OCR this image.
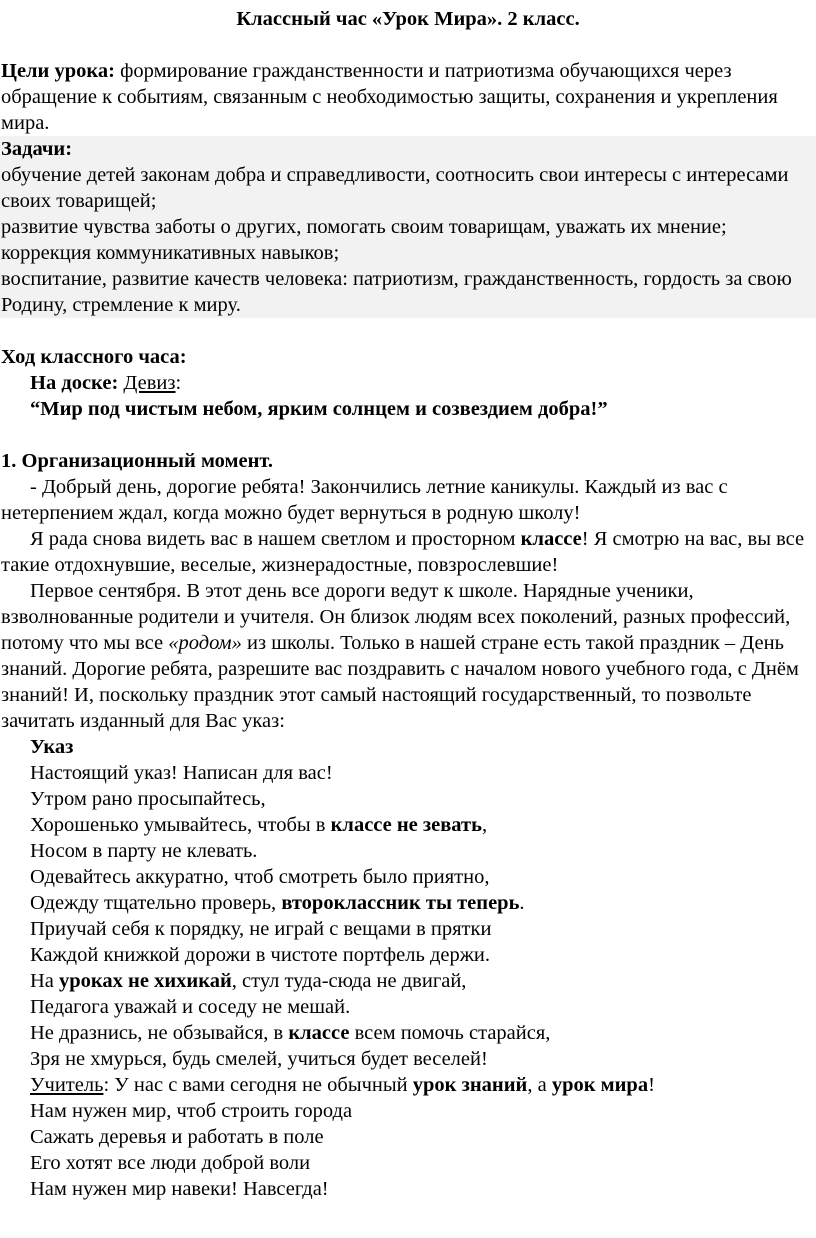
Классный час «Урок Мира». 2 класс.
Цели урока: формирование гражданственности и патриотизма обучающихся через обращение к событиям, связанным с необходимостью защиты, сохранения и укрепления мира.
Задачи:
обучение детей законам добра и справедливости, соотносить свои интересы с интересами своих товарищей;
развитие чувства заботы о других, помогать своим товарищам, уважать их мнение;
коррекция коммуникативных навыков;
воспитание, развитие качеств человека: патриотизм, гражданственность, гордость за свою Родину, стремление к миру.
Ход классного часа:
На доске: Девиз:
“Мир под чистым небом, ярким солнцем и созвездием добра!”
1. Организационный момент.
- Добрый день, дорогие ребята! Закончились летние каникулы. Каждый из вас с нетерпением ждал, когда можно будет вернуться в родную школу!
Я рада снова видеть вас в нашем светлом и просторном классе! Я смотрю на вас, вы все такие отдохнувшие, веселые, жизнерадостные, повзрослевшие!
Первое сентября. В этот день все дороги ведут к школе. Нарядные ученики, взволнованные родители и учителя. Он близок людям всех поколений, разных профессий, потому что мы все «родом» из школы. Только в нашей стране есть такой праздник – День знаний. Дорогие ребята, разрешите вас поздравить с началом нового учебного года, с Днём знаний! И, поскольку праздник этот самый настоящий государственный, то позвольте зачитать изданный для Вас указ:
Указ
Настоящий указ! Написан для вас!
Утром рано просыпайтесь,
Хорошенько умывайтесь, чтобы в классе не зевать,
Носом в парту не клевать.
Одевайтесь аккуратно, чтоб смотреть было приятно,
Одежду тщательно проверь, второклассник ты теперь.
Приучай себя к порядку, не играй с вещами в прятки
Каждой книжкой дорожи в чистоте портфель держи.
На уроках не хихикай, стул туда-сюда не двигай,
Педагога уважай и соседу не мешай.
Не дразнись, не обзывайся, в классе всем помочь старайся,
Зря не хмурься, будь смелей, учиться будет веселей!
Учитель: У нас с вами сегодня не обычный урок знаний, а урок мира!
Нам нужен мир, чтоб строить города
Сажать деревья и работать в поле
Его хотят все люди доброй воли
Нам нужен мир навеки! Навсегда!
